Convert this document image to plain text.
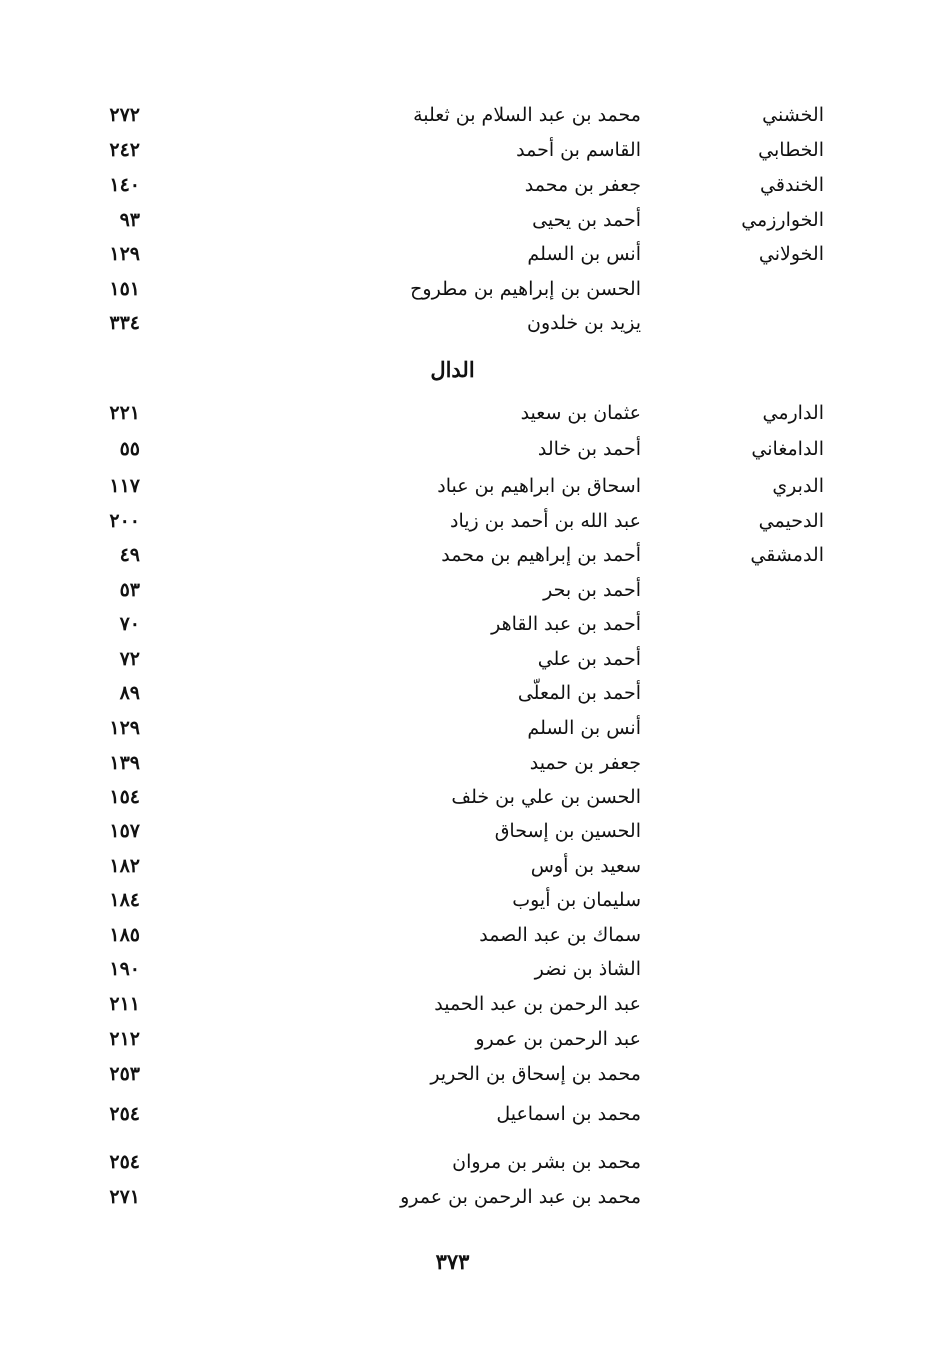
الخشني
محمد بن عبد السلام بن ثعلبة
٢٧٢
الخطابي
القاسم بن أحمد
٢٤٢
الخندقي
جعفر بن محمد
١٤٠
الخوارزمي
أحمد بن يحيى
٩٣
الخولاني
أنس بن السلم
١٢٩
الحسن بن إبراهيم بن مطروح
١٥١
يزيد بن خلدون
٣٣٤
الدال
الدارمي
عثمان بن سعيد
٢٢١
الدامغاني
أحمد بن خالد
٥٥
الدبري
اسحاق بن ابراهيم بن عباد
١١٧
الدحيمي
عبد الله بن أحمد بن زياد
٢٠٠
الدمشقي
أحمد بن إبراهيم بن محمد
٤٩
أحمد بن بحر
٥٣
أحمد بن عبد القاهر
٧٠
أحمد بن علي
٧٢
أحمد بن المعلّى
٨٩
أنس بن السلم
١٢٩
جعفر بن حميد
١٣٩
الحسن بن علي بن خلف
١٥٤
الحسين بن إسحاق
١٥٧
سعيد بن أوس
١٨٢
سليمان بن أيوب
١٨٤
سماك بن عبد الصمد
١٨٥
الشاذ بن نضر
١٩٠
عبد الرحمن بن عبد الحميد
٢١١
عبد الرحمن بن عمرو
٢١٢
محمد بن إسحاق بن الحرير
٢٥٣
محمد بن اسماعيل
٢٥٤
محمد بن بشر بن مروان
٢٥٤
محمد بن عبد الرحمن بن عمرو
٢٧١
٣٧٣
